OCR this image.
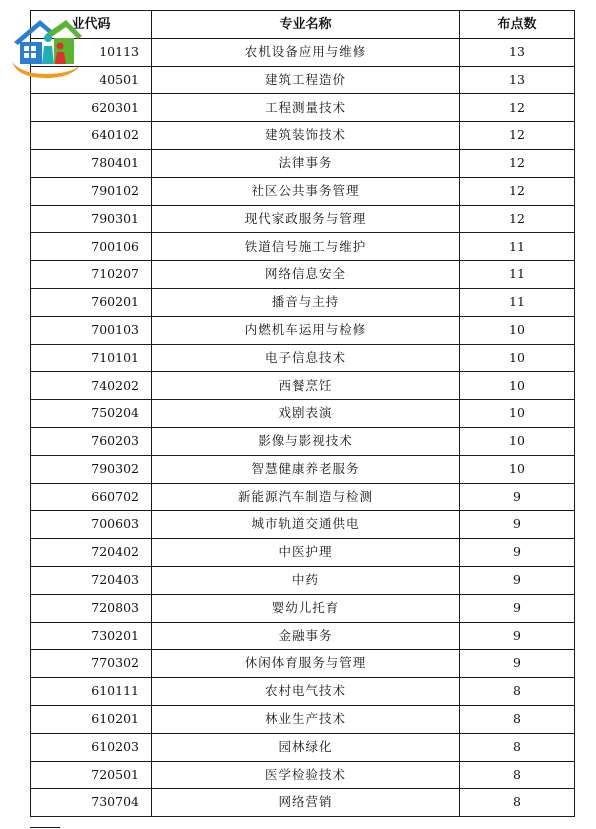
业代码	专业名称	布点数
10113	农机设备应用与维修	13
40501	建筑工程造价	13
620301	工程测量技术	12
640102	建筑装饰技术	12
780401	法律事务	12
790102	社区公共事务管理	12
790301	现代家政服务与管理	12
700106	铁道信号施工与维护	11
710207	网络信息安全	11
760201	播音与主持	11
700103	内燃机车运用与检修	10
710101	电子信息技术	10
740202	西餐烹饪	10
750204	戏剧表演	10
760203	影像与影视技术	10
790302	智慧健康养老服务	10
660702	新能源汽车制造与检测	9
700603	城市轨道交通供电	9
720402	中医护理	9
720403	中药	9
720803	婴幼儿托育	9
730201	金融事务	9
770302	休闲体育服务与管理	9
610111	农村电气技术	8
610201	林业生产技术	8
610203	园林绿化	8
720501	医学检验技术	8
730704	网络营销	8
